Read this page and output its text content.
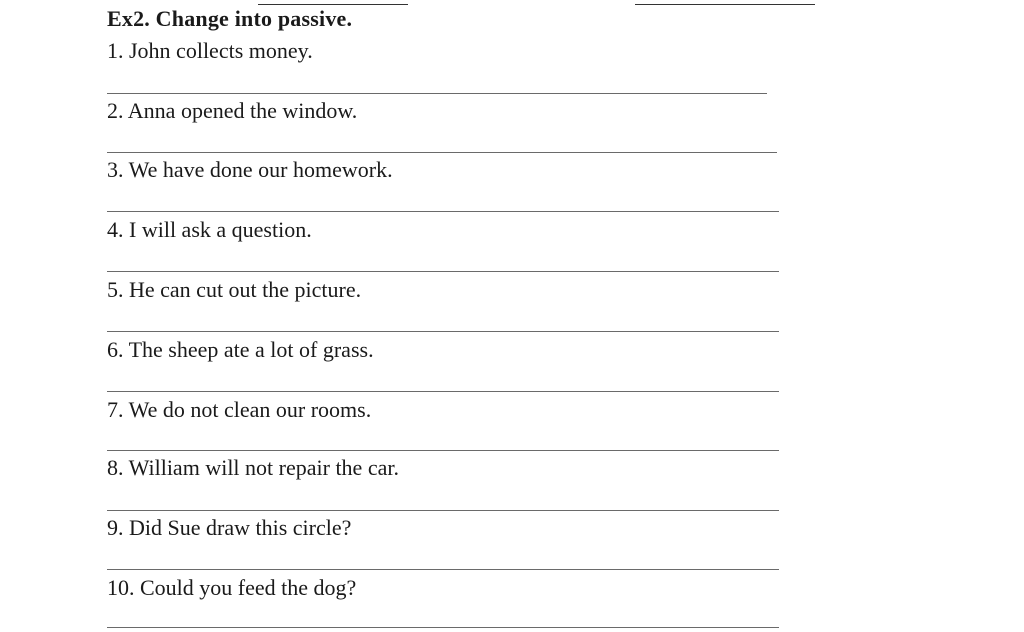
Ex2. Change into passive.
1. John collects money.
2. Anna opened the window.
3. We have done our homework.
4. I will ask a question.
5. He can cut out the picture.
6. The sheep ate a lot of grass.
7. We do not clean our rooms.
8. William will not repair the car.
9. Did Sue draw this circle?
10. Could you feed the dog?
